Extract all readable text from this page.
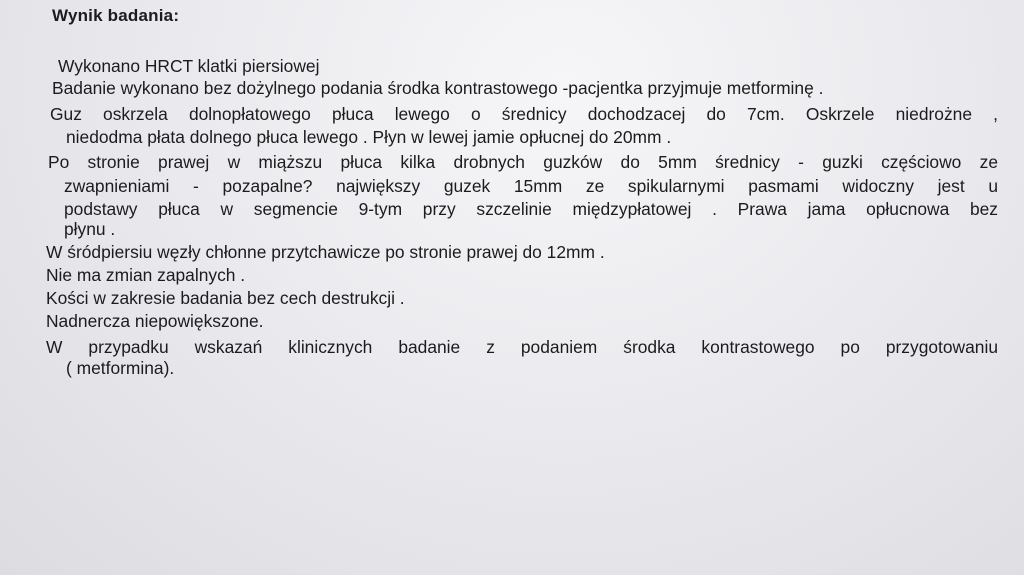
Wynik badania:

Wykonano HRCT klatki piersiowej

Badanie wykonano bez dożylnego podania środka kontrastowego -pacjentka przyjmuje metforminę .

Guz oskrzela dolnopłatowego płuca lewego o średnicy dochodzacej do 7cm. Oskrzele niedrożne ,

niedodma płata dolnego płuca lewego . Płyn w lewej jamie opłucnej do 20mm .

Po stronie prawej w miąższu płuca kilka drobnych guzków do 5mm średnicy - guzki częściowo ze

zwapnieniami - pozapalne? największy guzek 15mm ze spikularnymi pasmami widoczny jest u

podstawy płuca w segmencie 9-tym przy szczelinie międzypłatowej . Prawa jama opłucnowa bez

płynu .

W śródpiersiu węzły chłonne przytchawicze po stronie prawej do 12mm .

Nie ma zmian zapalnych .

Kości w zakresie badania bez cech destrukcji .

Nadnercza niepowiększone.

W przypadku wskazań klinicznych badanie z podaniem środka kontrastowego po przygotowaniu

( metformina).
